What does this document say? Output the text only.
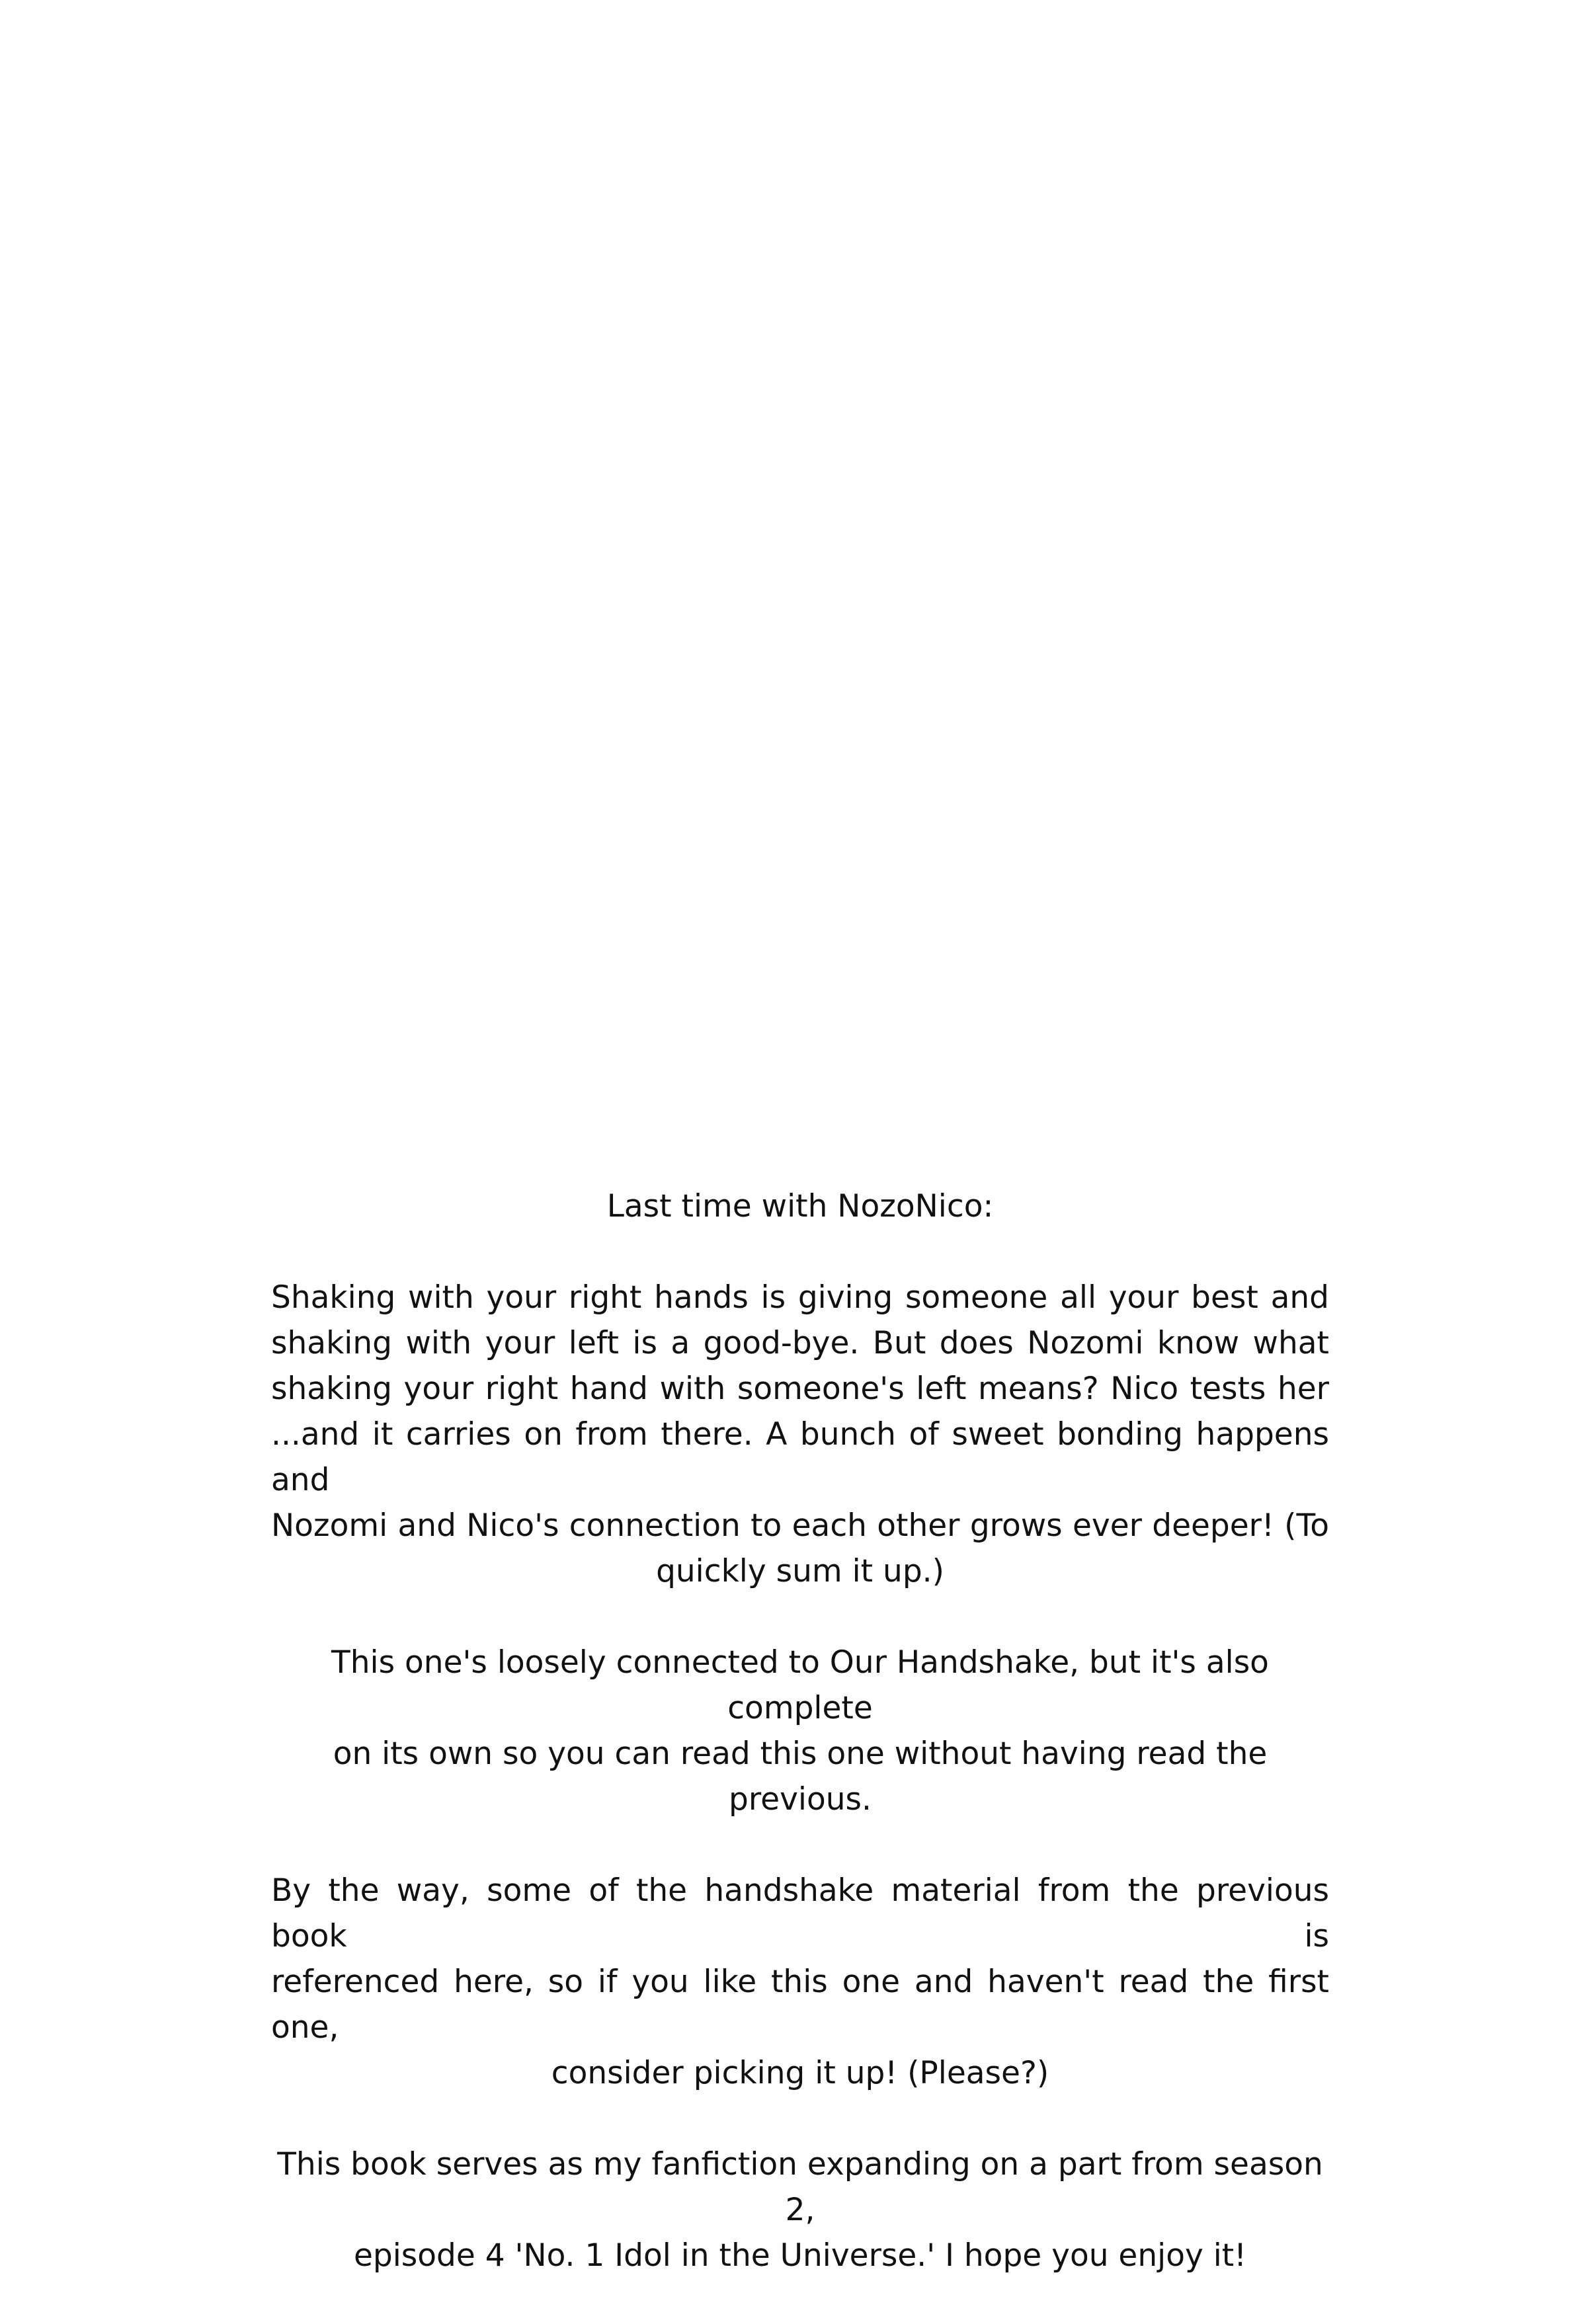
Last time with NozoNico:
Shaking with your right hands is giving someone all your best and
shaking with your left is a good-bye. But does Nozomi know what
shaking your right hand with someone's left means? Nico tests her
...and it carries on from there. A bunch of sweet bonding happens and
Nozomi and Nico's connection to each other grows ever deeper! (To
quickly sum it up.)
This one's loosely connected to Our Handshake, but it's also complete
on its own so you can read this one without having read the previous.
By the way, some of the handshake material from the previous book is
referenced here, so if you like this one and haven't read the first one,
consider picking it up! (Please?)
This book serves as my fanfiction expanding on a part from season 2,
episode 4 'No. 1 Idol in the Universe.' I hope you enjoy it!
